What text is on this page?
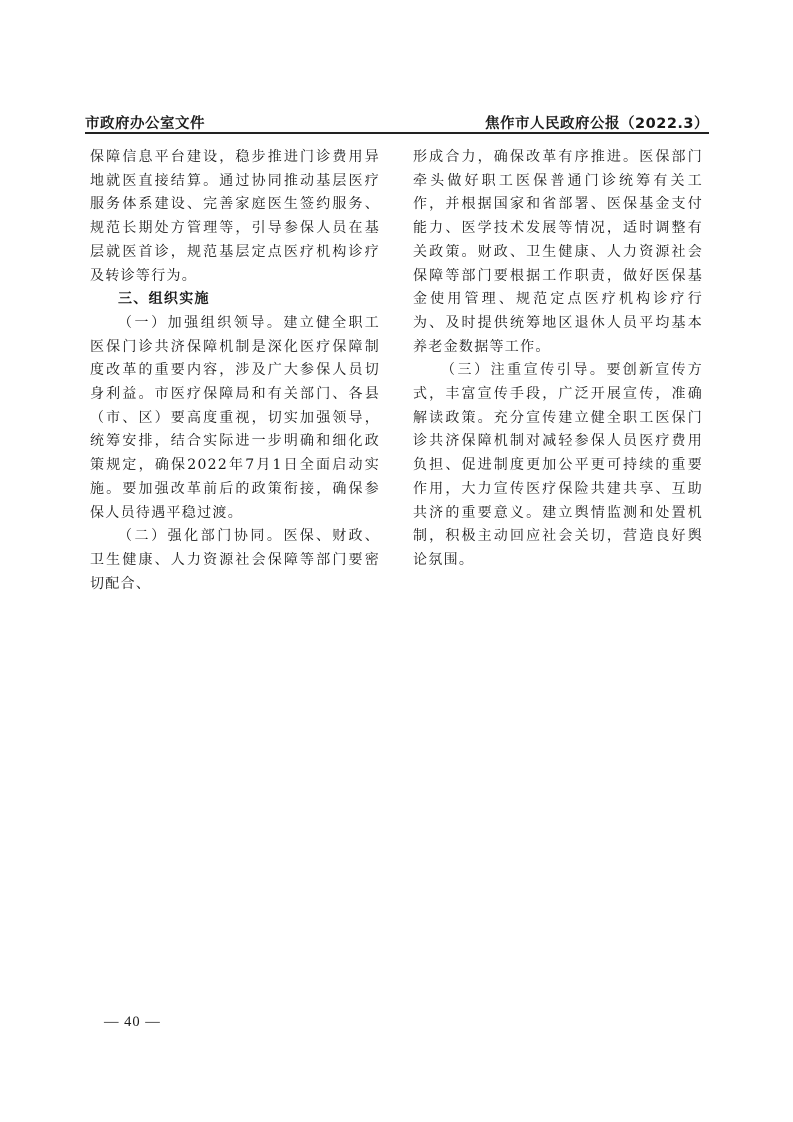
市政府办公室文件	焦作市人民政府公报（2022.3）

保障信息平台建设，稳步推进门诊费用异地就医直接结算。通过协同推动基层医疗服务体系建设、完善家庭医生签约服务、规范长期处方管理等，引导参保人员在基层就医首诊，规范基层定点医疗机构诊疗及转诊等行为。

三、组织实施

（一）加强组织领导。建立健全职工医保门诊共济保障机制是深化医疗保障制度改革的重要内容，涉及广大参保人员切身利益。市医疗保障局和有关部门、各县（市、区）要高度重视，切实加强领导，统筹安排，结合实际进一步明确和细化政策规定，确保2022年7月1日全面启动实施。要加强改革前后的政策衔接，确保参保人员待遇平稳过渡。

（二）强化部门协同。医保、财政、卫生健康、人力资源社会保障等部门要密切配合、

形成合力，确保改革有序推进。医保部门牵头做好职工医保普通门诊统筹有关工作，并根据国家和省部署、医保基金支付能力、医学技术发展等情况，适时调整有关政策。财政、卫生健康、人力资源社会保障等部门要根据工作职责，做好医保基金使用管理、规范定点医疗机构诊疗行为、及时提供统筹地区退休人员平均基本养老金数据等工作。

（三）注重宣传引导。要创新宣传方式，丰富宣传手段，广泛开展宣传，准确解读政策。充分宣传建立健全职工医保门诊共济保障机制对减轻参保人员医疗费用负担、促进制度更加公平更可持续的重要作用，大力宣传医疗保险共建共享、互助共济的重要意义。建立舆情监测和处置机制，积极主动回应社会关切，营造良好舆论氛围。

— 40 —
